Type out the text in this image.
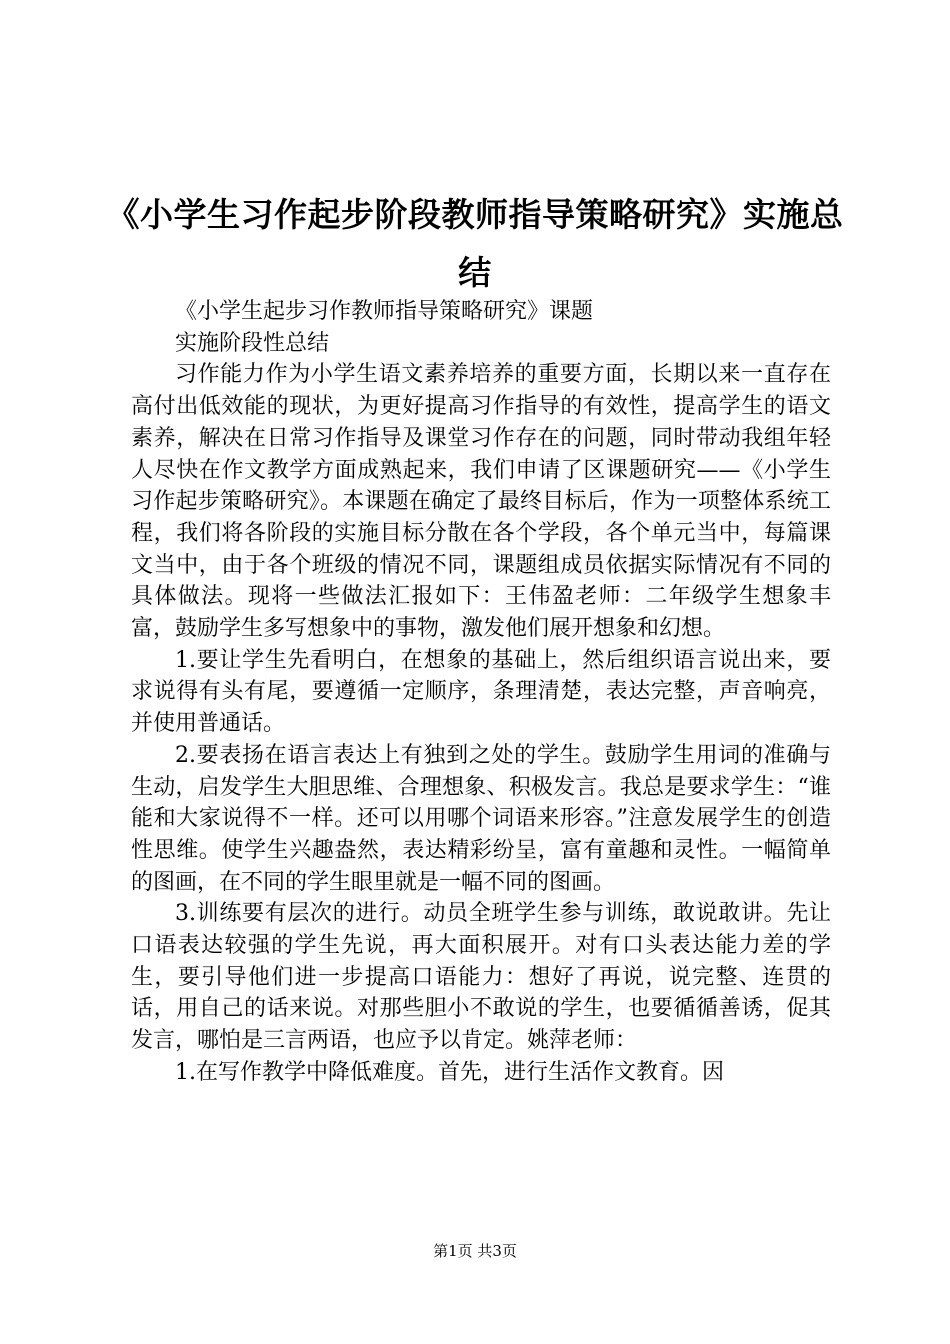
《小学生习作起步阶段教师指导策略研究》实施总结

《小学生起步习作教师指导策略研究》课题

实施阶段性总结

习作能力作为小学生语文素养培养的重要方面，长期以来一直存在高付出低效能的现状，为更好提高习作指导的有效性，提高学生的语文素养，解决在日常习作指导及课堂习作存在的问题，同时带动我组年轻人尽快在作文教学方面成熟起来，我们申请了区课题研究——《小学生习作起步策略研究》。本课题在确定了最终目标后，作为一项整体系统工程，我们将各阶段的实施目标分散在各个学段，各个单元当中，每篇课文当中，由于各个班级的情况不同，课题组成员依据实际情况有不同的具体做法。现将一些做法汇报如下：王伟盈老师：二年级学生想象丰富，鼓励学生多写想象中的事物，激发他们展开想象和幻想。

1.要让学生先看明白，在想象的基础上，然后组织语言说出来，要求说得有头有尾，要遵循一定顺序，条理清楚，表达完整，声音响亮，并使用普通话。

2.要表扬在语言表达上有独到之处的学生。鼓励学生用词的准确与生动，启发学生大胆思维、合理想象、积极发言。我总是要求学生：“谁能和大家说得不一样。还可以用哪个词语来形容。”注意发展学生的创造性思维。使学生兴趣盎然，表达精彩纷呈，富有童趣和灵性。一幅简单的图画，在不同的学生眼里就是一幅不同的图画。

3.训练要有层次的进行。动员全班学生参与训练，敢说敢讲。先让口语表达较强的学生先说，再大面积展开。对有口头表达能力差的学生，要引导他们进一步提高口语能力：想好了再说，说完整、连贯的话，用自己的话来说。对那些胆小不敢说的学生，也要循循善诱，促其发言，哪怕是三言两语，也应予以肯定。姚萍老师：

1.在写作教学中降低难度。首先，进行生活作文教育。因

第1页 共3页
